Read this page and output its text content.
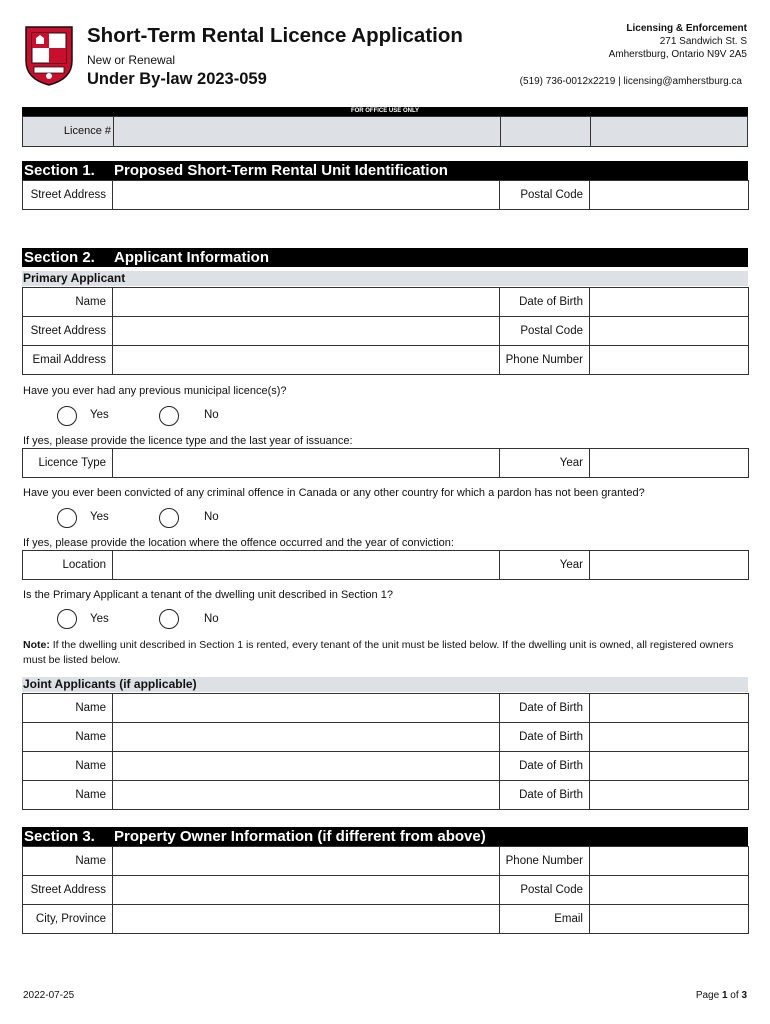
Short-Term Rental Licence Application
New or Renewal
Under By-law 2023-059
Licensing & Enforcement
271 Sandwich St. S
Amherstburg, Ontario N9V 2A5
(519) 736-0012x2219 | licensing@amherstburg.ca
FOR OFFICE USE ONLY
Licence #
Section 1. Proposed Short-Term Rental Unit Identification
Street Address		Postal Code	
Section 2. Applicant Information
Primary Applicant
Name		Date of Birth	
Street Address		Postal Code	
Email Address		Phone Number	
Have you ever had any previous municipal licence(s)?
Yes	No
If yes, please provide the licence type and the last year of issuance:
Licence Type		Year	
Have you ever been convicted of any criminal offence in Canada or any other country for which a pardon has not been granted?
Yes	No
If yes, please provide the location where the offence occurred and the year of conviction:
Location		Year	
Is the Primary Applicant a tenant of the dwelling unit described in Section 1?
Yes	No
Note: If the dwelling unit described in Section 1 is rented, every tenant of the unit must be listed below. If the dwelling unit is owned, all registered owners must be listed below.
Joint Applicants (if applicable)
Name		Date of Birth	
Name		Date of Birth	
Name		Date of Birth	
Name		Date of Birth	
Section 3. Property Owner Information (if different from above)
Name		Phone Number	
Street Address		Postal Code	
City, Province		Email	
2022-07-25	Page 1 of 3
